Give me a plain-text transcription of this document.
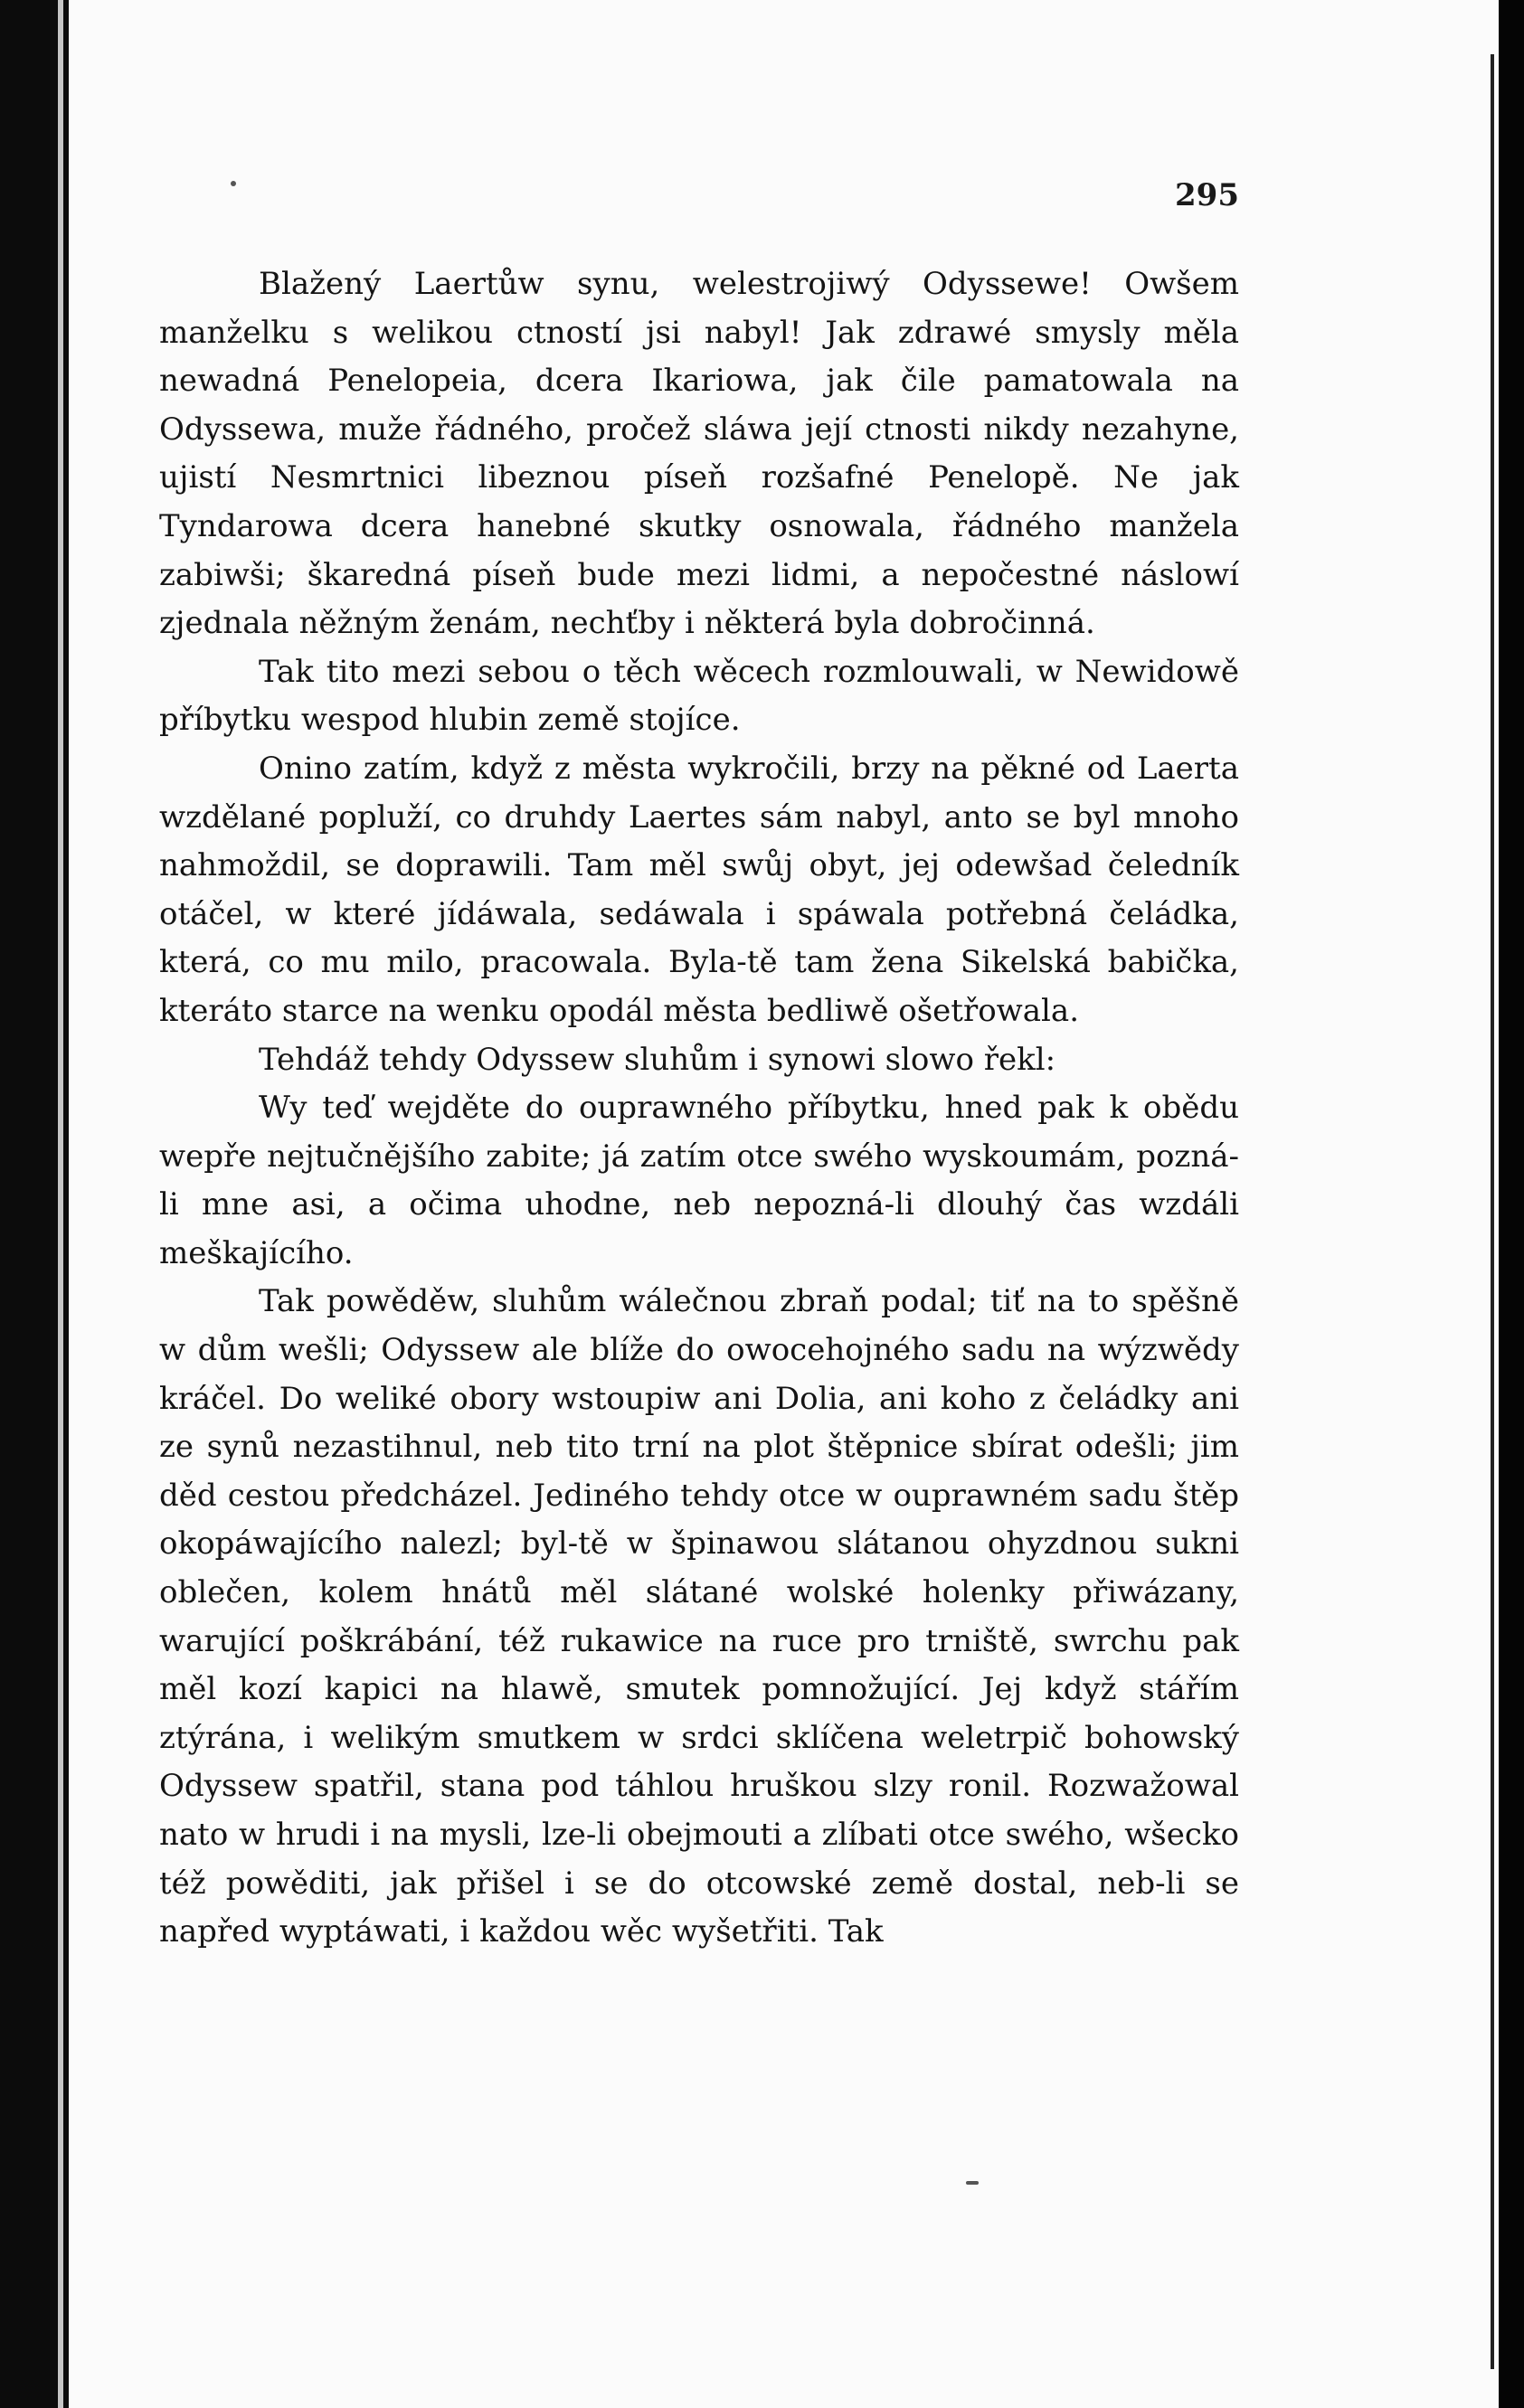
295

Blažený Laertůw synu, welestrojiwý Odyssewe! Owšem manželku s welikou ctností jsi nabyl! Jak zdrawé smysly měla newadná Penelopeia, dcera Ikariowa, jak čile pamatowala na Odyssewa, muže řádného, pročež sláwa její ctnosti nikdy nezahyne, ujistí Nesmrtnici libeznou píseň rozšafné Penelopě. Ne jak Tyndarowa dcera hanebné skutky osnowala, řádného manžela zabiwši; škaredná píseň bude mezi lidmi, a nepočestné náslowí zjednala něžným ženám, nechťby i některá byla dobročinná.

Tak tito mezi sebou o těch wěcech rozmlouwali, w Newidowě příbytku wespod hlubin země stojíce.

Onino zatím, když z města wykročili, brzy na pěkné od Laerta wzdělané popluží, co druhdy Laertes sám nabyl, anto se byl mnoho nahmoždil, se doprawili. Tam měl swůj obyt, jej odewšad čeledník otáčel, w které jídáwala, sedáwala i spáwala potřebná čeládka, která, co mu milo, pracowala. Byla-tě tam žena Sikelská babička, kteráto starce na wenku opodál města bedliwě ošetřowala.

Tehdáž tehdy Odyssew sluhům i synowi slowo řekl:

Wy teď wejděte do ouprawného příbytku, hned pak k obědu wepře nejtučnějšího zabite; já zatím otce swého wyskoumám, pozná-li mne asi, a očima uhodne, neb nepozná-li dlouhý čas wzdáli meškajícího.

Tak powěděw, sluhům wálečnou zbraň podal; tiť na to spěšně w dům wešli; Odyssew ale blíže do owocehojného sadu na wýzwědy kráčel. Do weliké obory wstoupiw ani Dolia, ani koho z čeládky ani ze synů nezastihnul, neb tito trní na plot štěpnice sbírat odešli; jim děd cestou předcházel. Jediného tehdy otce w ouprawném sadu štěp okopáwajícího nalezl; byl-tě w špinawou slátanou ohyzdnou sukni oblečen, kolem hnátů měl slátané wolské holenky přiwázany, warující poškrábání, též rukawice na ruce pro trniště, swrchu pak měl kozí kapici na hlawě, smutek pomnožující. Jej když stářím ztýrána, i welikým smutkem w srdci sklíčena weletrpič bohowský Odyssew spatřil, stana pod táhlou hruškou slzy ronil. Rozwažowal nato w hrudi i na mysli, lze-li obejmouti a zlíbati otce swého, wšecko též powěditi, jak přišel i se do otcowské země dostal, neb-li se napřed wyptáwati, i každou wěc wyšetřiti. Tak
